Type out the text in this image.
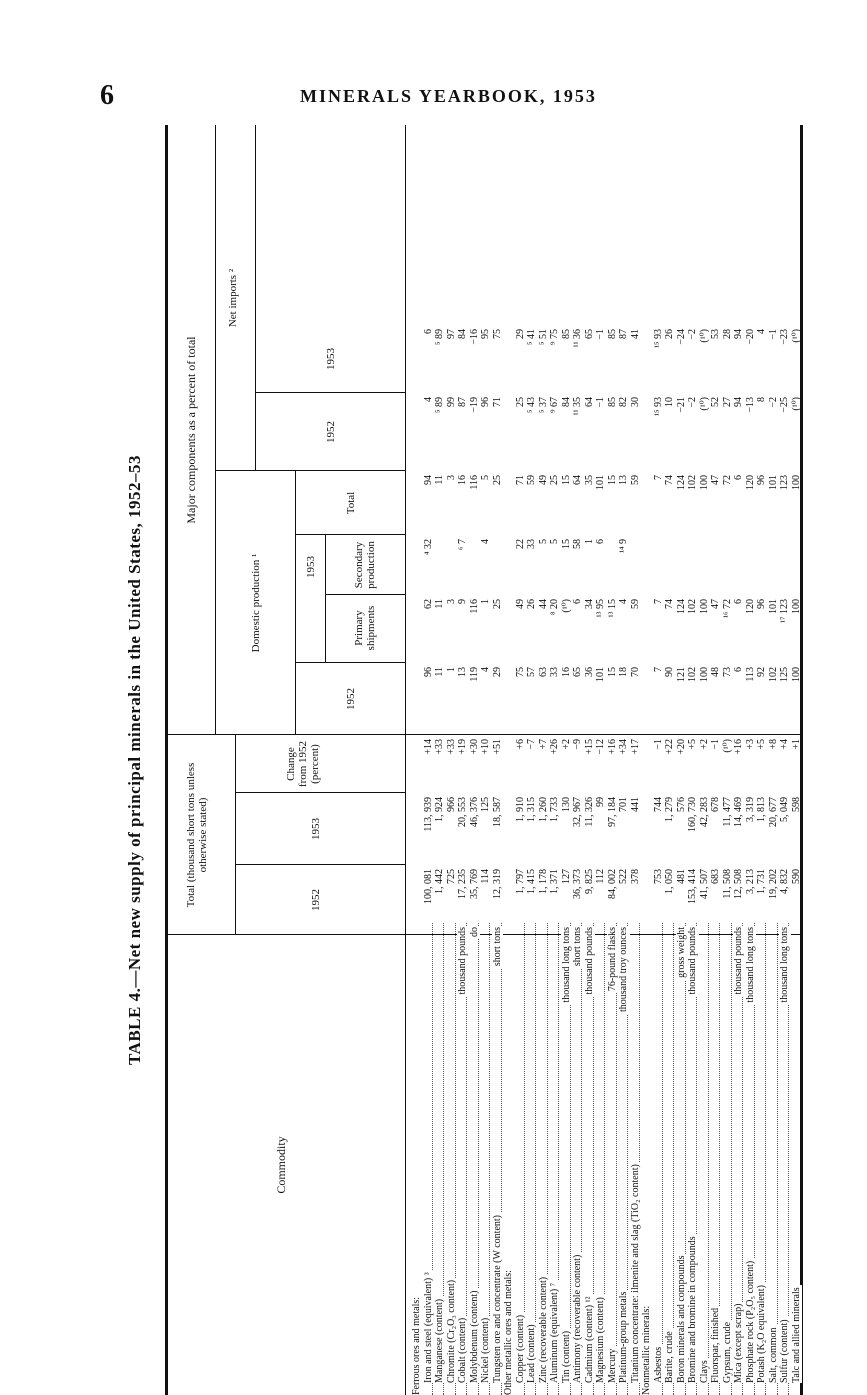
6	MINERALS YEARBOOK, 1953
TABLE 4.—Net new supply of principal minerals in the United States, 1952–53
Commodity
Total (thousand short tons unless otherwise stated)
1952
1953
Change from 1952 (percent)
Major components as a percent of total
Domestic production ¹
1952
1953
Primary shipments
Secondary production
Total
Net imports ²
1952
1953
Ferrous ores and metals: Iron and steel (equivalent) ³
100, 081
113, 939
+14
96
62
⁴ 32
94
4
6
Manganese (content)
1, 442
1, 924
+33
11
11
11
⁵ 89
⁵ 89
Chromite (Cr₂O₃ content)
725
966
+33
1
3
3
99
97
Cobalt (content)
thousand pounds
17, 235
20, 553
+19
13
9
⁶ 7
16
87
84
Molybdenum (content)
do
35, 769
46, 376
+30
119
116
116
−19
−16
Nickel (content)
114
125
+10
4
1
4
5
96
95
Tungsten ore and concentrate (W content)
short tons
12, 319
18, 587
+51
29
25
25
71
75
Other metallic ores and metals: Copper (content)
1, 797
1, 910
+6
75
49
22
71
25
29
Lead (content)
1, 415
1, 315
−7
57
26
33
59
⁵ 43
⁵ 41
Zinc (recoverable content)
1, 178
1, 260
+7
63
44
5
49
⁵ 37
⁵ 51
Aluminum (equivalent) ⁷
1, 371
1, 733
+26
33
⁸ 20
5
25
⁹ 67
⁹ 75
Tin (content)
thousand long tons
127
130
+2
16
(¹⁰)
15
15
84
85
Antimony (recoverable content)
short tons
36, 373
32, 967
−9
65
6
58
64
¹¹ 35
¹¹ 36
Cadmium (content) ¹²
thousand pounds
9, 825
11, 326
+15
36
34
1
35
64
65
Magnesium (content)
112
99
−12
101
¹³ 95
6
101
−1
−1
Mercury
76-pound flasks
84, 002
97, 184
+16
15
¹³ 15
15
85
85
Platinum-group metals
thousand troy ounces
522
701
+34
18
4
¹⁴ 9
13
82
87
Titanium concentrate: ilmenite and slag (TiO₂ content)
378
441
+17
70
59
59
30
41
Nonmetallic minerals: Asbestos
753
744
−1
7
7
7
¹⁵ 93
¹⁵ 93
Barite, crude
1, 050
1, 279
+22
90
74
74
10
26
Boron minerals and compounds
gross weight
481
576
+20
121
124
124
−21
−24
Bromine and bromine in compounds
thousand pounds
153, 414
160, 730
+5
102
102
102
−2
−2
Clays
41, 507
42, 283
+2
100
100
100
(¹⁰)
(¹⁰)
Fluorspar, finished
683
678
−1
48
47
47
52
53
Gypsum, crude
11, 508
11, 477
(¹⁰)
73
¹⁶ 72
72
27
28
Mica (except scrap)
thousand pounds
12, 508
14, 469
+16
6
6
6
94
94
Phosphate rock (P₂O₅ content)
thousand long tons
3, 213
3, 319
+3
113
120
120
−13
−20
Potash (K₂O equivalent)
1, 731
1, 813
+5
92
96
96
8
4
Salt, common
19, 202
20, 677
+8
102
101
101
−2
−1
Sulfur (content)
thousand long tons
4, 832
5, 049
+4
125
¹⁷ 123
123
−25
−23
Talc and allied minerals
590
598
+1
100
100
100
(¹⁰)
(¹⁰)
